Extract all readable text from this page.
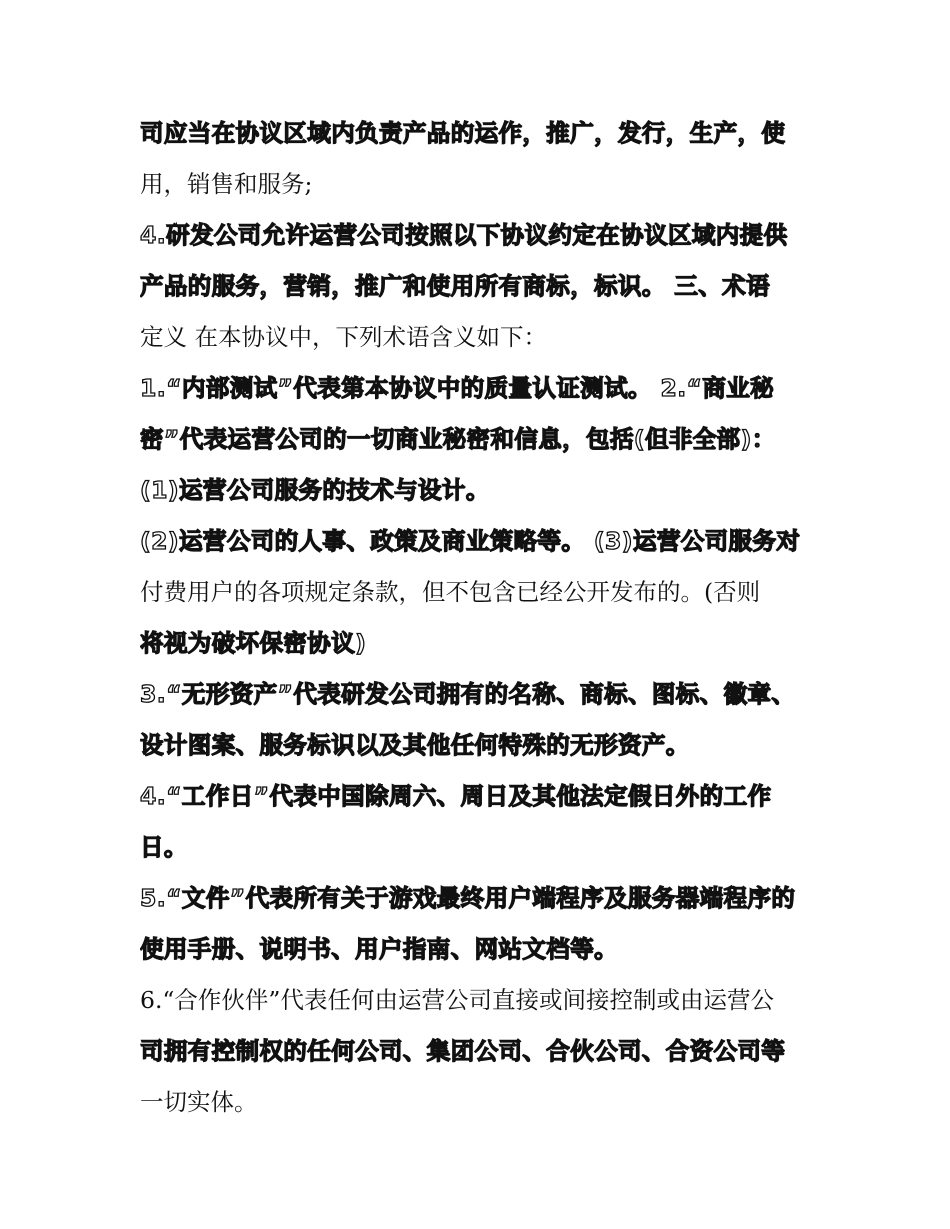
司应当在协议区域内负责产品的运作，推广，发行，生产，使
用，销售和服务;
4.研发公司允许运营公司按照以下协议约定在协议区域内提供
产品的服务，营销，推广和使用所有商标，标识。 三、术语
定义 在本协议中，下列术语含义如下：
1.“内部测试”代表第本协议中的质量认证测试。 2.“商业秘
密”代表运营公司的一切商业秘密和信息，包括(但非全部)：
(1)运营公司服务的技术与设计。
(2)运营公司的人事、政策及商业策略等。 (3)运营公司服务对
付费用户的各项规定条款，但不包含已经公开发布的。(否则
将视为破坏保密协议)
3.“无形资产”代表研发公司拥有的名称、商标、图标、徽章、
设计图案、服务标识以及其他任何特殊的无形资产。
4.“工作日”代表中国除周六、周日及其他法定假日外的工作
日。
5.“文件”代表所有关于游戏最终用户端程序及服务器端程序的
使用手册、说明书、用户指南、网站文档等。
6.“合作伙伴”代表任何由运营公司直接或间接控制或由运营公
司拥有控制权的任何公司、集团公司、合伙公司、合资公司等
一切实体。
